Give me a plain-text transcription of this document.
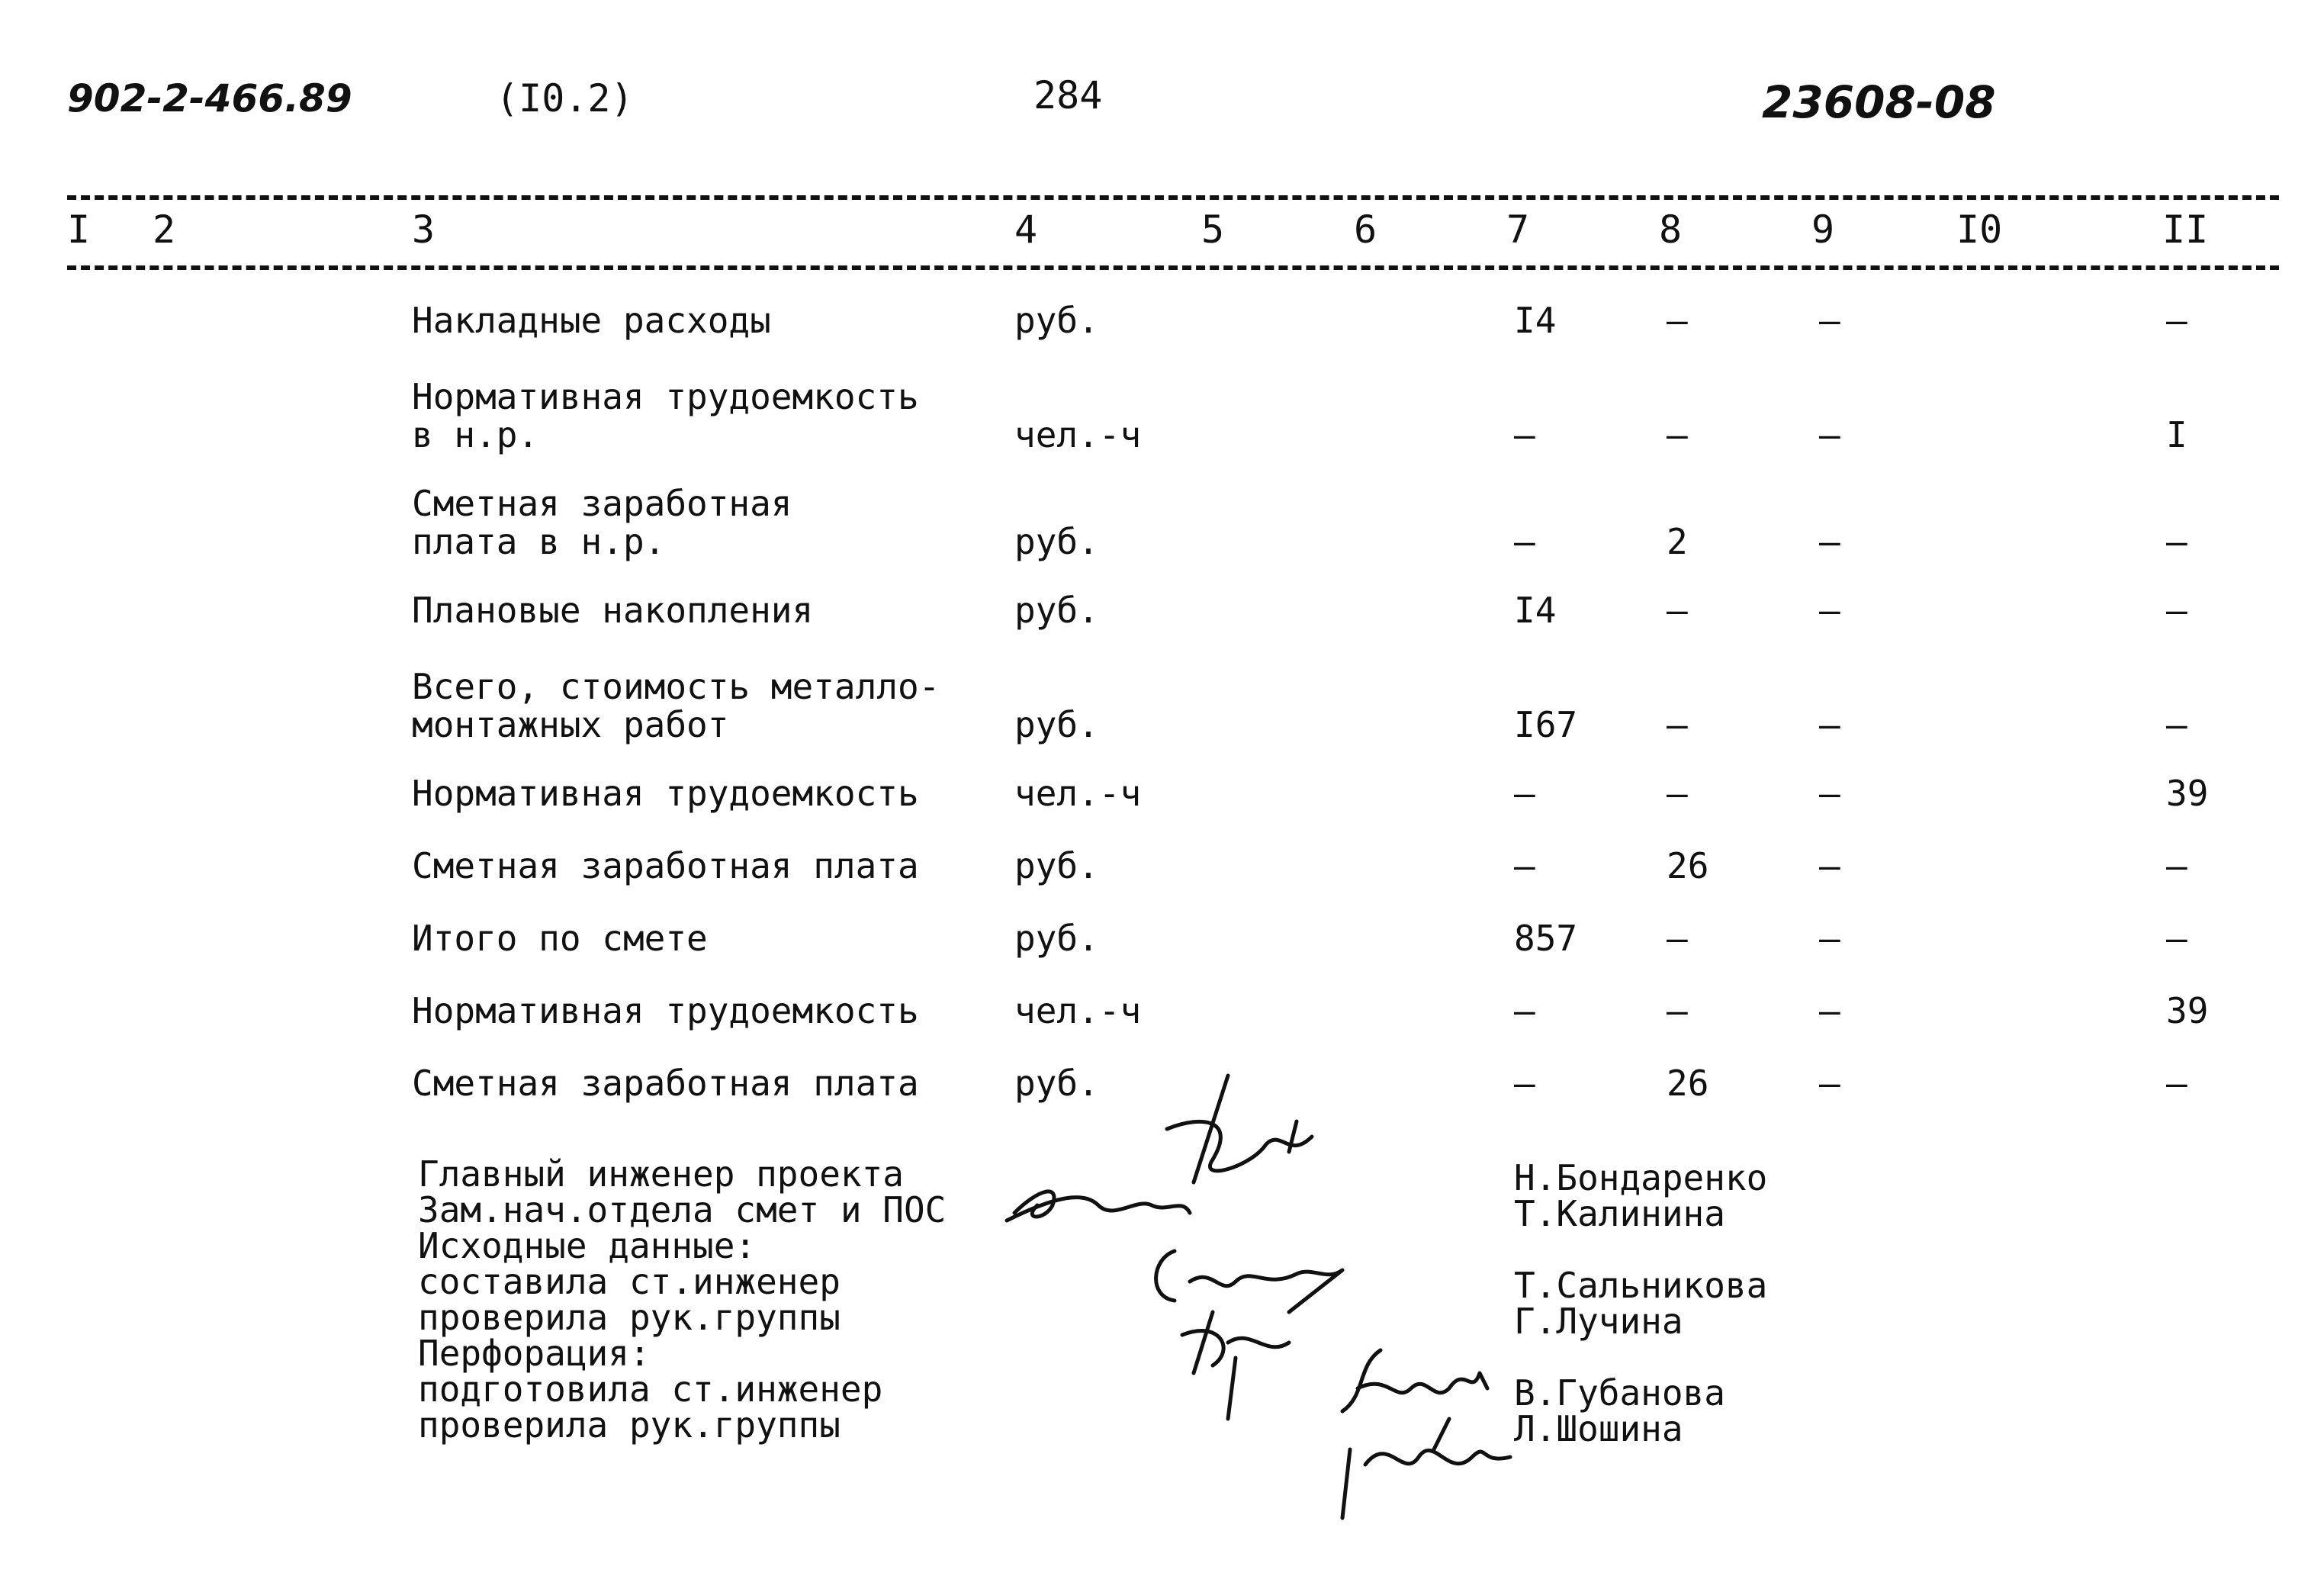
902-2-466.89	(I0.2)	284	23608-08
I 2	3	4	5	6	7	8	9	I0	II
Накладные расходы	руб.	I4	–	–	–
Нормативная трудоемкость
в н.р.	чел.-ч	–	–	–	I
Сметная заработная
плата в н.р.	руб.	–	2	–	–
Плановые накопления	руб.	I4	–	–	–
Всего, стоимость металло-
монтажных работ	руб.	I67	–	–	–
Нормативная трудоемкость	чел.-ч	–	–	–	39
Сметная заработная плата	руб.	–	26	–	–
Итого по смете	руб.	857	–	–	–
Нормативная трудоемкость	чел.-ч	–	–	–	39
Сметная заработная плата	руб.	–	26	–	–
Главный инженер проекта
Зам.нач.отдела смет и ПОС
Исходные данные:
составила ст.инженер
проверила рук.группы
Перфорация:
подготовила ст.инженер
проверила рук.группы
Н.Бондаренко
Т.Калинина
Т.Сальникова
Г.Лучина
В.Губанова
Л.Шошина
